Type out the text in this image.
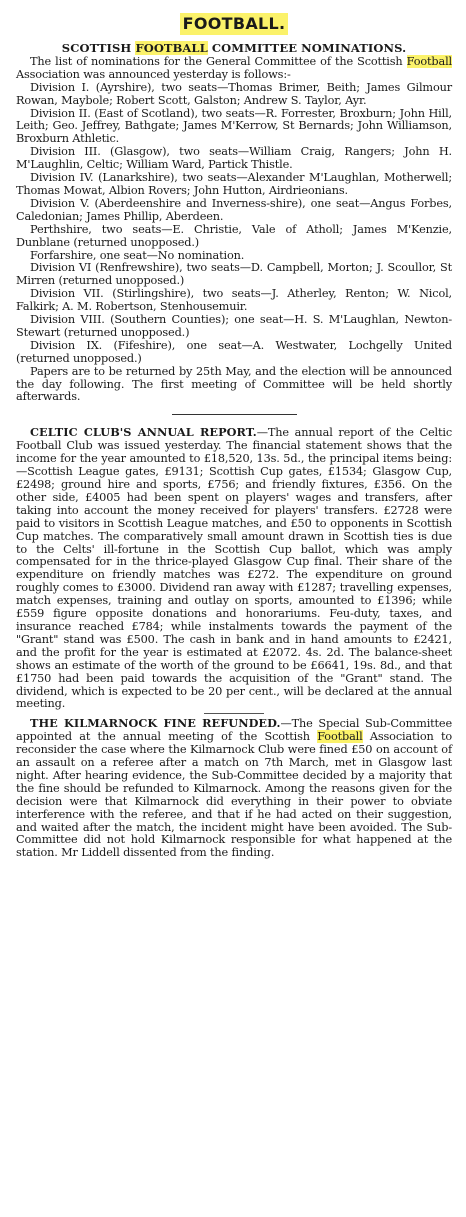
FOOTBALL.
SCOTTISH FOOTBALL COMMITTEE NOMINATIONS.

The list of nominations for the General Committee of the Scottish Football Association was announced yesterday is follows:-

Division I. (Ayrshire), two seats—Thomas Brimer, Beith; James Gilmour Rowan, Maybole; Robert Scott, Galston; Andrew S. Taylor, Ayr.

Division II. (East of Scotland), two seats—R. Forrester, Broxburn; John Hill, Leith; Geo. Jeffrey, Bathgate; James M'Kerrow, St Bernards; John Williamson, Broxburn Athletic.

Division III. (Glasgow), two seats—William Craig, Rangers; John H. M'Laughlin, Celtic; William Ward, Partick Thistle.

Division IV. (Lanarkshire), two seats—Alexander M'Laughlan, Motherwell; Thomas Mowat, Albion Rovers; John Hutton, Airdrieonians.

Division V. (Aberdeenshire and Inverness-shire), one seat—Angus Forbes, Caledonian; James Phillip, Aberdeen.

Perthshire, two seats—E. Christie, Vale of Atholl; James M'Kenzie, Dunblane (returned unopposed.)

Forfarshire, one seat—No nomination.

Division VI (Renfrewshire), two seats—D. Campbell, Morton; J. Scoullor, St Mirren (returned unopposed.)

Division VII. (Stirlingshire), two seats—J. Atherley, Renton; W. Nicol, Falkirk; A. M. Robertson, Stenhousemuir.

Division VIII. (Southern Counties); one seat—H. S. M'Laughlan, Newton-Stewart (returned unopposed.)

Division IX. (Fifeshire), one seat—A. Westwater, Lochgelly United (returned unopposed.)

Papers are to be returned by 25th May, and the election will be announced the day following. The first meeting of Committee will be held shortly afterwards.

CELTIC CLUB'S ANNUAL REPORT.—The annual report of the Celtic Football Club was issued yesterday. The financial statement shows that the income for the year amounted to £18,520, 13s. 5d., the principal items being:—Scottish League gates, £9131; Scottish Cup gates, £1534; Glasgow Cup, £2498; ground hire and sports, £756; and friendly fixtures, £356. On the other side, £4005 had been spent on players' wages and transfers, after taking into account the money received for players' transfers. £2728 were paid to visitors in Scottish League matches, and £50 to opponents in Scottish Cup matches. The comparatively small amount drawn in Scottish ties is due to the Celts' ill-fortune in the Scottish Cup ballot, which was amply compensated for in the thrice-played Glasgow Cup final. Their share of the expenditure on friendly matches was £272. The expenditure on ground roughly comes to £3000. Dividend ran away with £1287; travelling expenses, match expenses, training and outlay on sports, amounted to £1396; while £559 figure opposite donations and honorariums. Feu-duty, taxes, and insurance reached £784; while instalments towards the payment of the "Grant" stand was £500. The cash in bank and in hand amounts to £2421, and the profit for the year is estimated at £2072. 4s. 2d. The balance-sheet shows an estimate of the worth of the ground to be £6641, 19s. 8d., and that £1750 had been paid towards the acquisition of the "Grant" stand. The dividend, which is expected to be 20 per cent., will be declared at the annual meeting.

THE KILMARNOCK FINE REFUNDED.—The Special Sub-Committee appointed at the annual meeting of the Scottish Football Association to reconsider the case where the Kilmarnock Club were fined £50 on account of an assault on a referee after a match on 7th March, met in Glasgow last night. After hearing evidence, the Sub-Committee decided by a majority that the fine should be refunded to Kilmarnock. Among the reasons given for the decision were that Kilmarnock did everything in their power to obviate interference with the referee, and that if he had acted on their suggestion, and waited after the match, the incident might have been avoided. The Sub-Committee did not hold Kilmarnock responsible for what happened at the station. Mr Liddell dissented from the finding.
